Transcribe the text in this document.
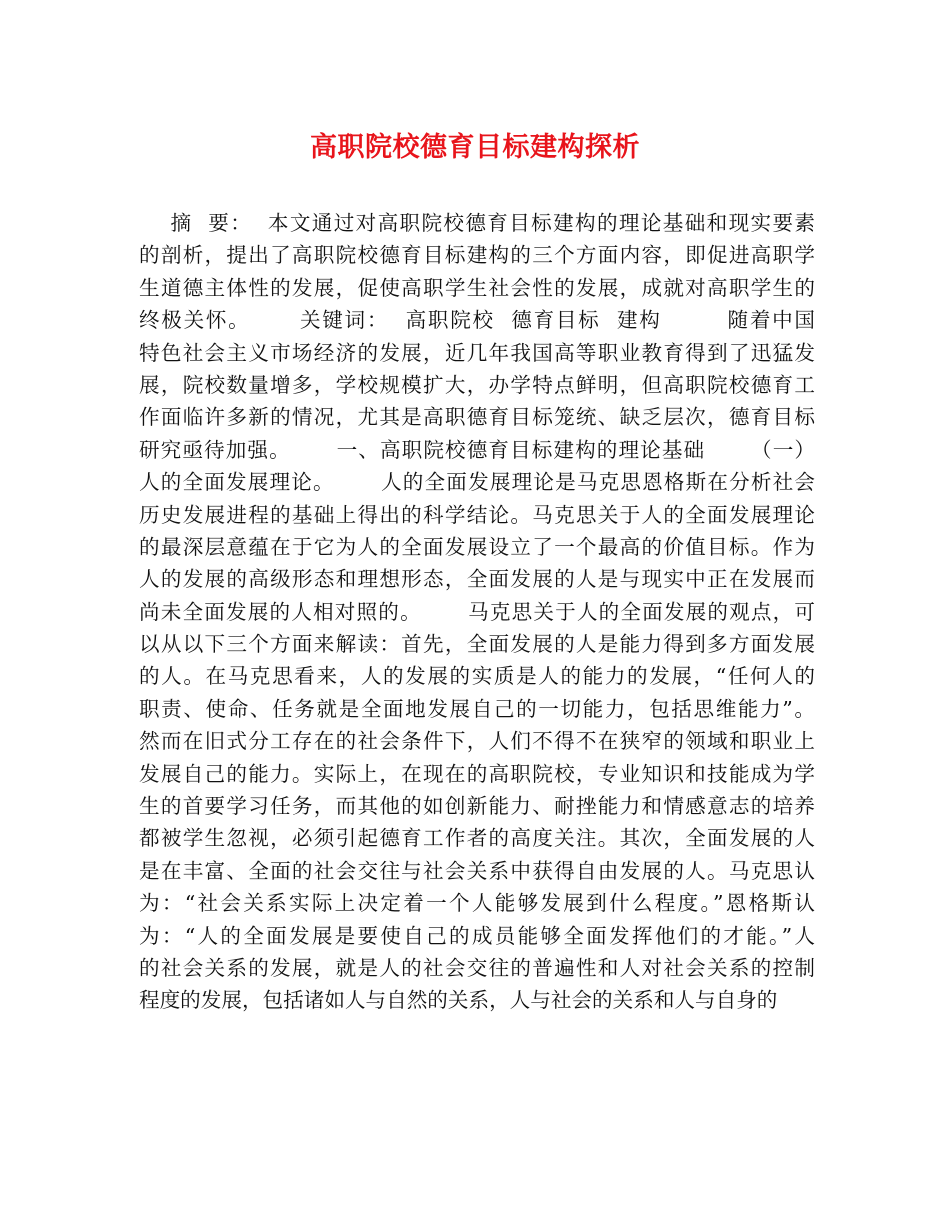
高职院校德育目标建构探析
摘  要：  本文通过对高职院校德育目标建构的理论基础和现实要素
的剖析，提出了高职院校德育目标建构的三个方面内容，即促进高职学
生道德主体性的发展，促使高职学生社会性的发展，成就对高职学生的
终极关怀。      关键词：  高职院校  德育目标  建构        随着中国
特色社会主义市场经济的发展，近几年我国高等职业教育得到了迅猛发
展，院校数量增多，学校规模扩大，办学特点鲜明，但高职院校德育工
作面临许多新的情况，尤其是高职德育目标笼统、缺乏层次，德育目标
研究亟待加强。      一、高职院校德育目标建构的理论基础      （一）
人的全面发展理论。      人的全面发展理论是马克思恩格斯在分析社会
历史发展进程的基础上得出的科学结论。马克思关于人的全面发展理论
的最深层意蕴在于它为人的全面发展设立了一个最高的价值目标。作为
人的发展的高级形态和理想形态，全面发展的人是与现实中正在发展而
尚未全面发展的人相对照的。      马克思关于人的全面发展的观点，可
以从以下三个方面来解读：首先，全面发展的人是能力得到多方面发展
的人。在马克思看来，人的发展的实质是人的能力的发展，“任何人的
职责、使命、任务就是全面地发展自己的一切能力，包括思维能力”。
然而在旧式分工存在的社会条件下，人们不得不在狭窄的领域和职业上
发展自己的能力。实际上，在现在的高职院校，专业知识和技能成为学
生的首要学习任务，而其他的如创新能力、耐挫能力和情感意志的培养
都被学生忽视，必须引起德育工作者的高度关注。其次，全面发展的人
是在丰富、全面的社会交往与社会关系中获得自由发展的人。马克思认
为：“社会关系实际上决定着一个人能够发展到什么程度。”恩格斯认
为：“人的全面发展是要使自己的成员能够全面发挥他们的才能。”人
的社会关系的发展，就是人的社会交往的普遍性和人对社会关系的控制
程度的发展，包括诸如人与自然的关系，人与社会的关系和人与自身的
